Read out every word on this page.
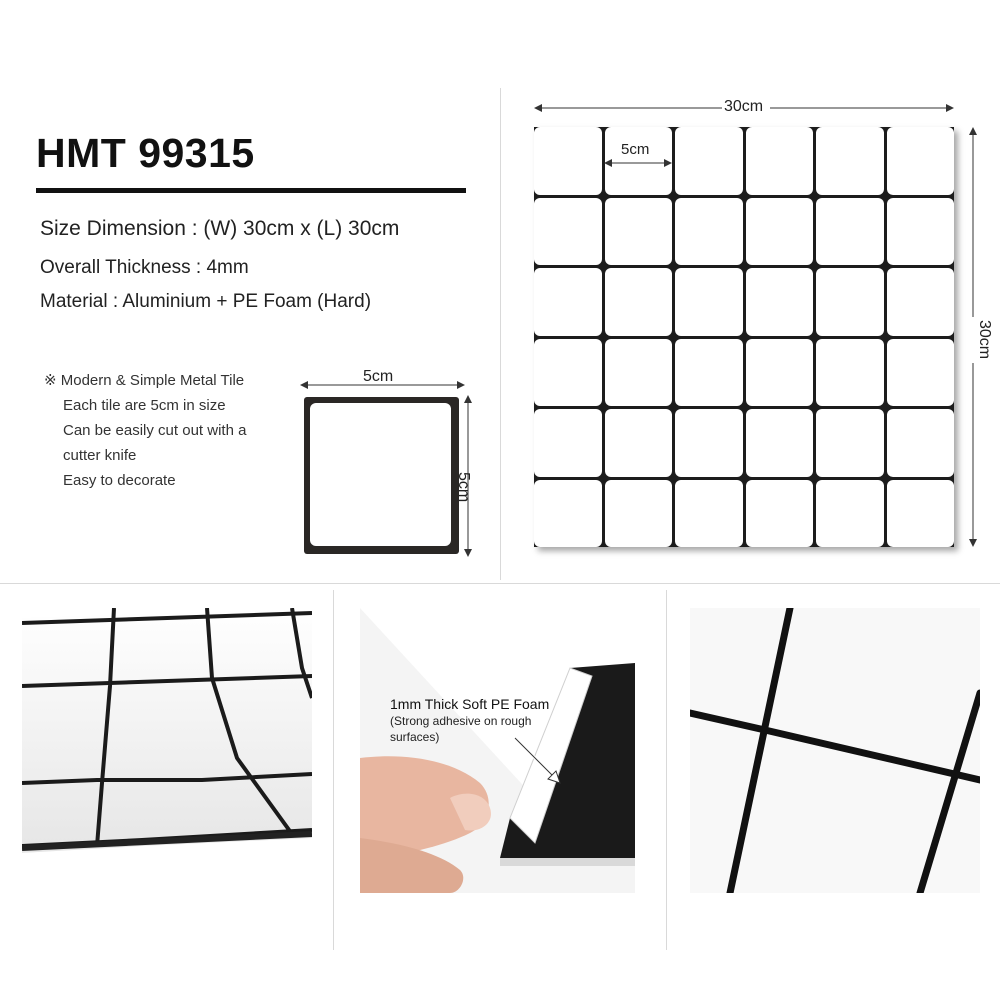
HMT 99315
Size Dimension : (W) 30cm x (L) 30cm
Overall Thickness : 4mm
Material : Aluminium + PE Foam (Hard)
※ Modern & Simple Metal Tile
Each tile are 5cm in size
Can be easily cut out with a
cutter knife
Easy to decorate
5cm
5cm
30cm
5cm
30cm
1mm Thick Soft PE Foam
(Strong adhesive on rough
surfaces)
